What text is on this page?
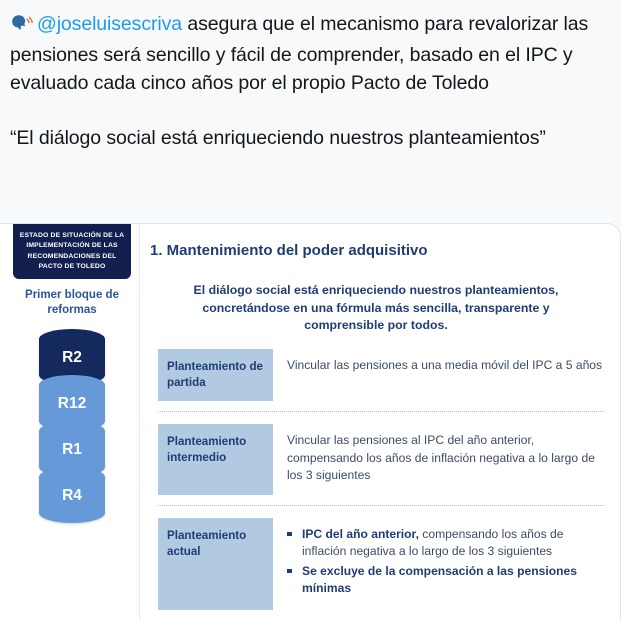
@joseluisescriva asegura que el mecanismo para revalorizar las pensiones será sencillo y fácil de comprender, basado en el IPC y evaluado cada cinco años por el propio Pacto de Toledo

“El diálogo social está enriqueciendo nuestros planteamientos”

ESTADO DE SITUACIÓN DE LA IMPLEMENTACIÓN DE LAS RECOMENDACIONES DEL PACTO DE TOLEDO
Primer bloque de reformas
R2
R12
R1
R4
1. Mantenimiento del poder adquisitivo
El diálogo social está enriqueciendo nuestros planteamientos, concretándose en una fórmula más sencilla, transparente y comprensible por todos.
Planteamiento de partida
Vincular las pensiones a una media móvil del IPC a 5 años
Planteamiento intermedio
Vincular las pensiones al IPC del año anterior, compensando los años de inflación negativa a lo largo de los 3 siguientes
Planteamiento actual
IPC del año anterior, compensando los años de inflación negativa a lo largo de los 3 siguientes
Se excluye de la compensación a las pensiones mínimas
